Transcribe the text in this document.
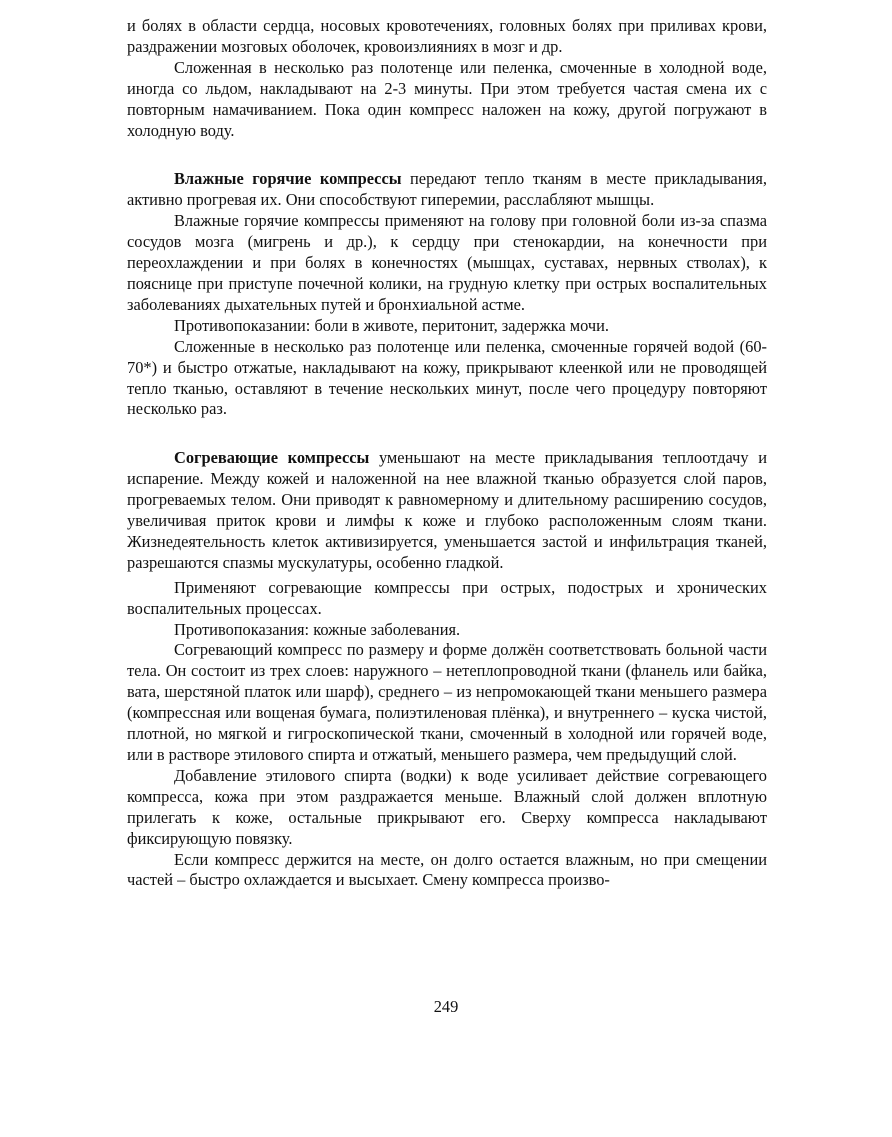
и болях в области сердца, носовых кровотечениях, головных болях при приливах крови, раздражении мозговых оболочек, кровоизлияниях в мозг и др.

Сложенная в несколько раз полотенце или пеленка, смоченные в холодной воде, иногда со льдом, накладывают на 2-3 минуты. При этом требуется частая смена их с повторным намачиванием. Пока один компресс наложен на кожу, другой погружают в холодную воду.

Влажные горячие компрессы передают тепло тканям в месте прикладывания, активно прогревая их. Они способствуют гиперемии, расслабляют мышцы.

Влажные горячие компрессы применяют на голову при головной боли из-за спазма сосудов мозга (мигрень и др.), к сердцу при стенокардии, на конечности при переохлаждении и при болях в конечностях (мышцах, суставах, нервных стволах), к пояснице при приступе почечной колики, на грудную клетку при острых воспалительных заболеваниях дыхательных путей и бронхиальной астме.

Противопоказании: боли в животе, перитонит, задержка мочи.

Сложенные в несколько раз полотенце или пеленка, смоченные горячей водой (60-70*) и быстро отжатые, накладывают на кожу, прикрывают клеенкой или не проводящей тепло тканью, оставляют в течение нескольких минут, после чего процедуру повторяют несколько раз.

Согревающие компрессы уменьшают на месте прикладывания теплоотдачу и испарение. Между кожей и наложенной на нее влажной тканью образуется слой паров, прогреваемых телом. Они приводят к равномерному и длительному расширению сосудов, увеличивая приток крови и лимфы к коже и глубоко расположенным слоям ткани. Жизнедеятельность клеток активизируется, уменьшается застой и инфильтрация тканей, разрешаются спазмы мускулатуры, особенно гладкой.

Применяют согревающие компрессы при острых, подострых и хронических воспалительных процессах.

Противопоказания: кожные заболевания.

Согревающий компресс по размеру и форме должён соответствовать больной части тела. Он состоит из трех слоев: наружного – нетеплопроводной ткани (фланель или байка, вата, шерстяной платок или шарф), среднего – из непромокающей ткани меньшего размера (компрессная или вощеная бумага, полиэтиленовая плёнка), и внутреннего – куска чистой, плотной, но мягкой и гигроскопической ткани, смоченный в холодной или горячей воде, или в растворе этилового спирта и отжатый, меньшего размера, чем предыдущий слой.

Добавление этилового спирта (водки) к воде усиливает действие согревающего компресса, кожа при этом раздражается меньше. Влажный слой должен вплотную прилегать к коже, остальные прикрывают его. Сверху компресса накладывают фиксирующую повязку.

Если компресс держится на месте, он долго остается влажным, но при смещении частей – быстро охлаждается и высыхает. Смену компресса произво-

249
